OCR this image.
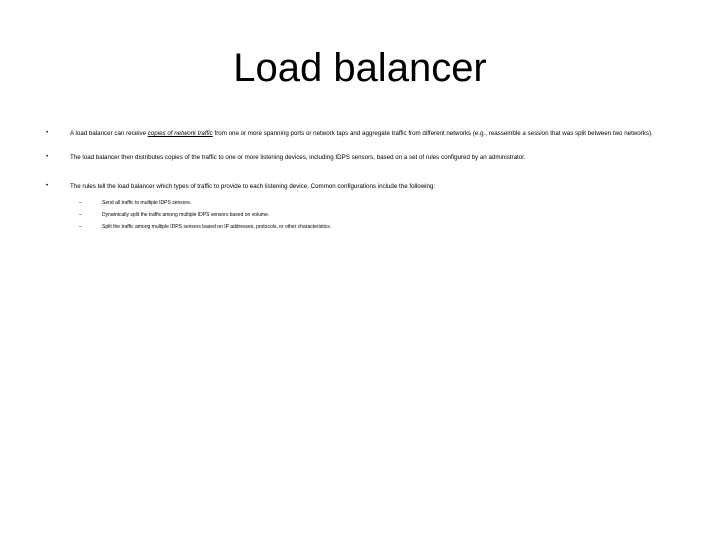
Load balancer
•	A load balancer can receive copies of network traffic from one or more spanning ports or network taps and aggregate traffic from different networks (e.g., reassemble a session that was split between two networks).
•	The load balancer then distributes copies of the traffic to one or more listening devices, including IDPS sensors, based on a set of rules configured by an administrator.
•	The rules tell the load balancer which types of traffic to provide to each listening device. Common configurations include the following:
–	Send all traffic to multiple IDPS sensors.
–	Dynamically split the traffic among multiple IDPS sensors based on volume.
–	Split the traffic among multiple IDPS sensors based on IP addresses, protocols, or other characteristics.
